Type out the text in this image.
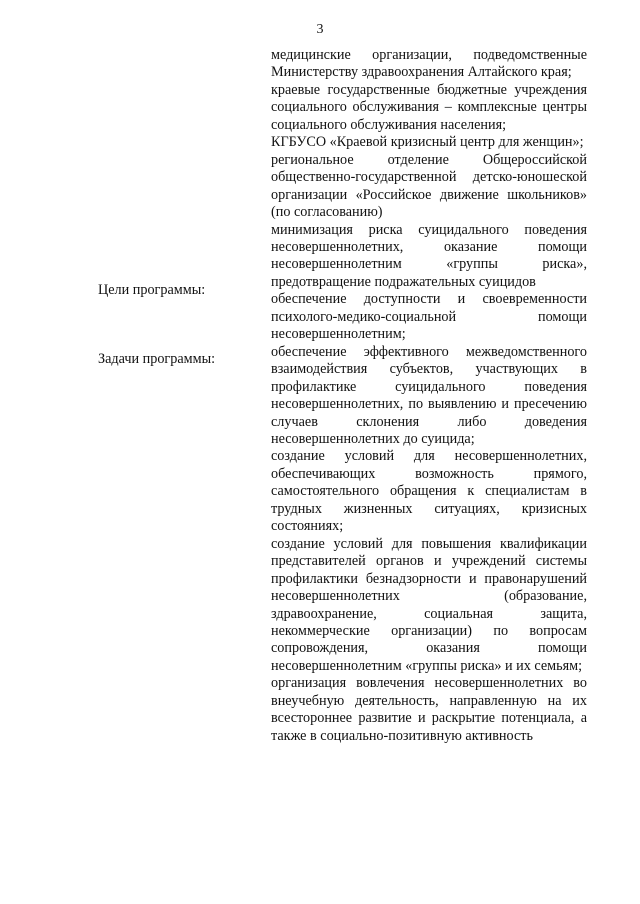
3
Цели программы:
Задачи программы:

медицинские организации, подведомственные Министерству здравоохранения Алтайского края;

краевые государственные бюджетные учреждения социального обслуживания – комплексные центры социального обслуживания населения;

КГБУСО «Краевой кризисный центр для женщин»;

региональное отделение Общероссийской общественно-государственной детско-юношеской организации «Российское движение школьников» (по согласованию)

минимизация риска суицидального поведения несовершеннолетних, оказание помощи несовершеннолетним «группы риска», предотвращение подражательных суицидов

обеспечение доступности и своевременности психолого-медико-социальной помощи несовершеннолетним;

обеспечение эффективного межведомственного взаимодействия субъектов, участвующих в профилактике суицидального поведения несовершеннолетних, по выявлению и пресечению случаев склонения либо доведения несовершеннолетних до суицида;

создание условий для несовершеннолетних, обеспечивающих возможность прямого, самостоятельного обращения к специалистам в трудных жизненных ситуациях, кризисных состояниях;

создание условий для повышения квалификации представителей органов и учреждений системы профилактики безнадзорности и правонарушений несовершеннолетних (образование, здравоохранение, социальная защита, некоммерческие организации) по вопросам сопровождения, оказания помощи несовершеннолетним «группы риска» и их семьям;

организация вовлечения несовершеннолетних во внеучебную деятельность, направленную на их всестороннее развитие и раскрытие потенциала, а также в социально-позитивную активность
